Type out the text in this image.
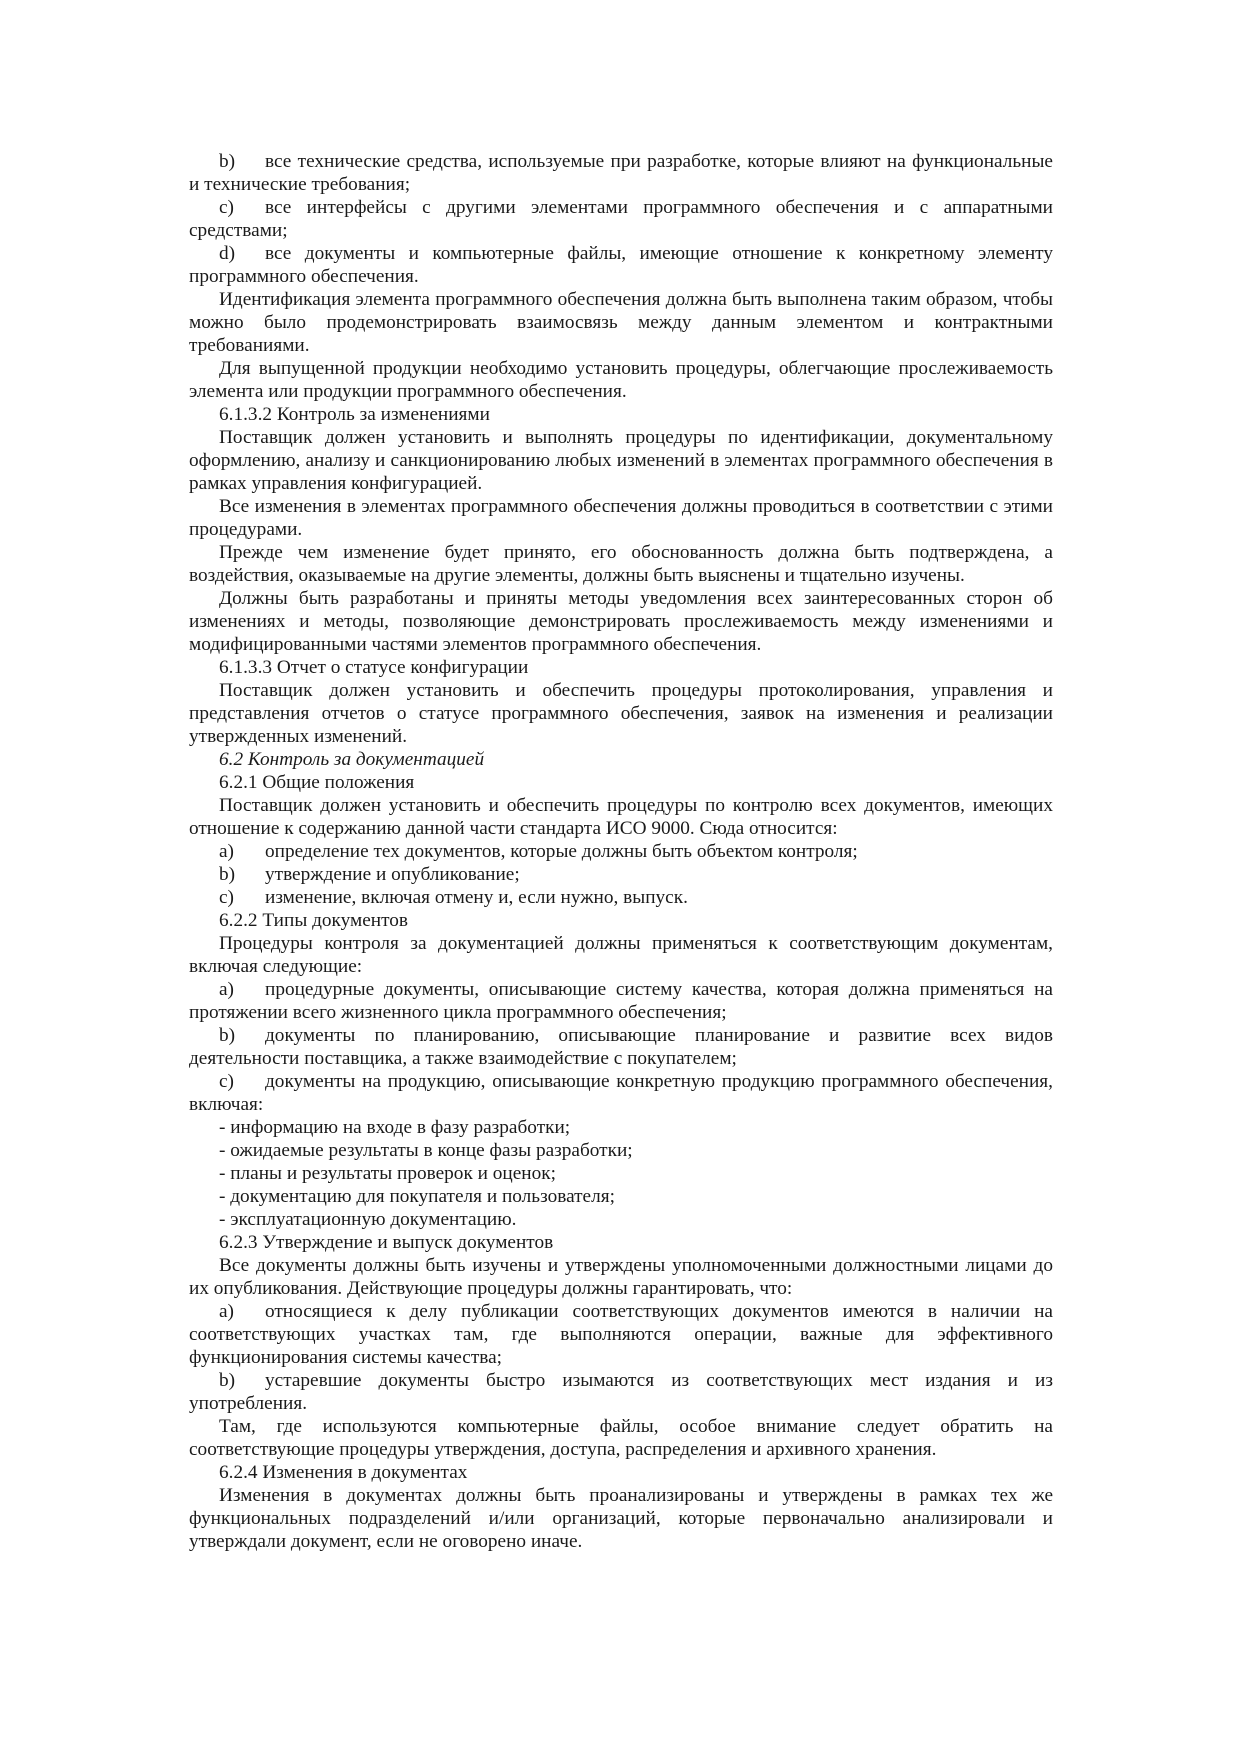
b) все технические средства, используемые при разработке, которые влияют на функциональные и технические требования;

c) все интерфейсы с другими элементами программного обеспечения и с аппаратными средствами;

d) все документы и компьютерные файлы, имеющие отношение к конкретному элементу программного обеспечения.

Идентификация элемента программного обеспечения должна быть выполнена таким образом, чтобы можно было продемонстрировать взаимосвязь между данным элементом и контрактными требованиями.

Для выпущенной продукции необходимо установить процедуры, облегчающие прослеживаемость элемента или продукции программного обеспечения.

6.1.3.2 Контроль за изменениями

Поставщик должен установить и выполнять процедуры по идентификации, документальному оформлению, анализу и санкционированию любых изменений в элементах программного обеспечения в рамках управления конфигурацией.

Все изменения в элементах программного обеспечения должны проводиться в соответствии с этими процедурами.

Прежде чем изменение будет принято, его обоснованность должна быть подтверждена, а воздействия, оказываемые на другие элементы, должны быть выяснены и тщательно изучены.

Должны быть разработаны и приняты методы уведомления всех заинтересованных сторон об изменениях и методы, позволяющие демонстрировать прослеживаемость между изменениями и модифицированными частями элементов программного обеспечения.

6.1.3.3 Отчет о статусе конфигурации

Поставщик должен установить и обеспечить процедуры протоколирования, управления и представления отчетов о статусе программного обеспечения, заявок на изменения и реализации утвержденных изменений.

6.2 Контроль за документацией

6.2.1 Общие положения

Поставщик должен установить и обеспечить процедуры по контролю всех документов, имеющих отношение к содержанию данной части стандарта ИСО 9000. Сюда относится:

a) определение тех документов, которые должны быть объектом контроля;

b) утверждение и опубликование;

c) изменение, включая отмену и, если нужно, выпуск.

6.2.2 Типы документов

Процедуры контроля за документацией должны применяться к соответствующим документам, включая следующие:

a) процедурные документы, описывающие систему качества, которая должна применяться на протяжении всего жизненного цикла программного обеспечения;

b) документы по планированию, описывающие планирование и развитие всех видов деятельности поставщика, а также взаимодействие с покупателем;

c) документы на продукцию, описывающие конкретную продукцию программного обеспечения, включая:

- информацию на входе в фазу разработки;

- ожидаемые результаты в конце фазы разработки;

- планы и результаты проверок и оценок;

- документацию для покупателя и пользователя;

- эксплуатационную документацию.

6.2.3 Утверждение и выпуск документов

Все документы должны быть изучены и утверждены уполномоченными должностными лицами до их опубликования. Действующие процедуры должны гарантировать, что:

a) относящиеся к делу публикации соответствующих документов имеются в наличии на соответствующих участках там, где выполняются операции, важные для эффективного функционирования системы качества;

b) устаревшие документы быстро изымаются из соответствующих мест издания и из употребления.

Там, где используются компьютерные файлы, особое внимание следует обратить на соответствующие процедуры утверждения, доступа, распределения и архивного хранения.

6.2.4 Изменения в документах

Изменения в документах должны быть проанализированы и утверждены в рамках тех же функциональных подразделений и/или организаций, которые первоначально анализировали и утверждали документ, если не оговорено иначе.
